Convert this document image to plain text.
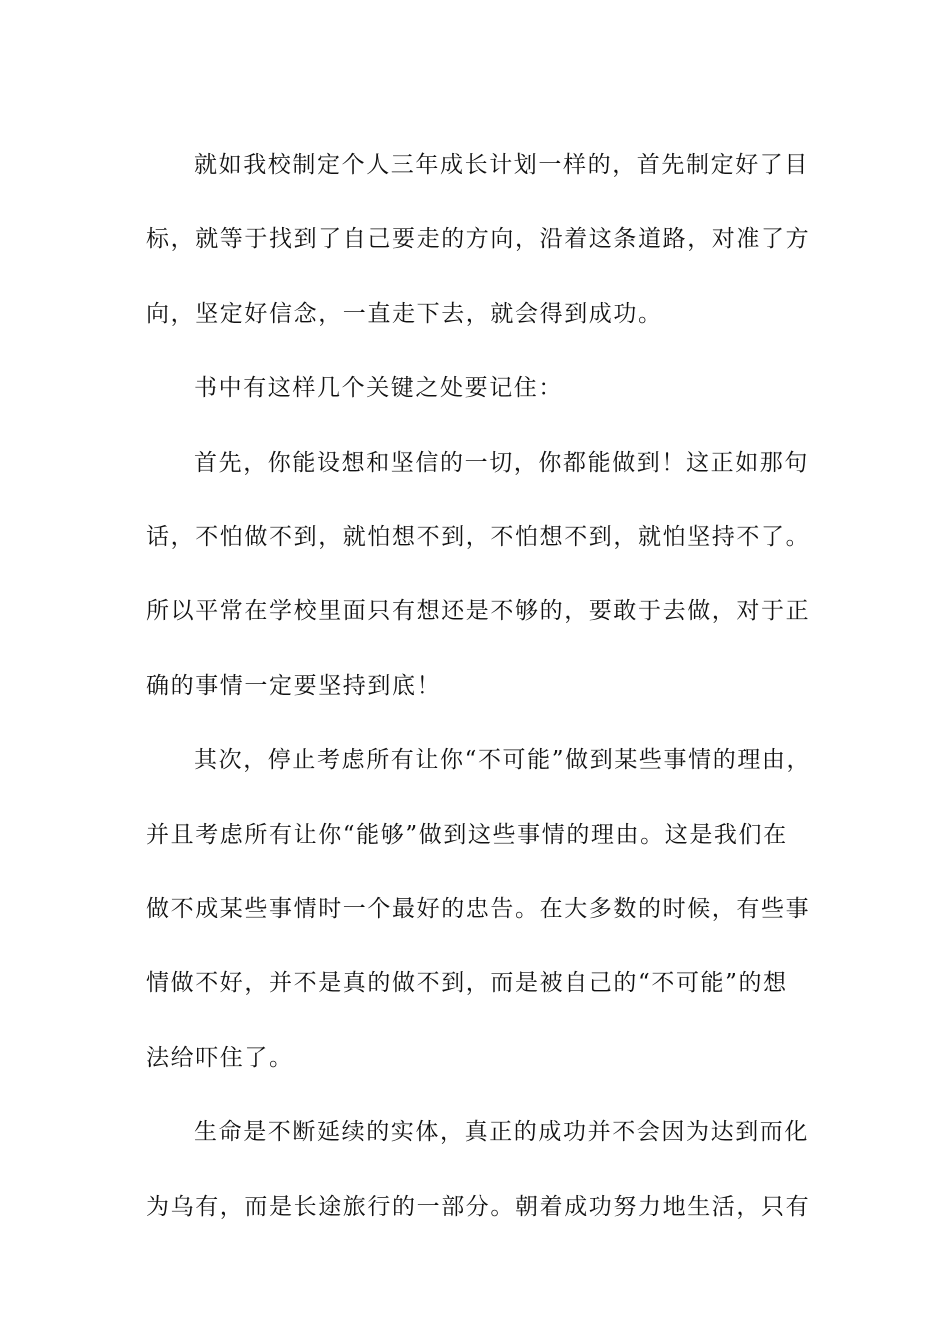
就如我校制定个人三年成长计划一样的，首先制定好了目
标，就等于找到了自己要走的方向，沿着这条道路，对准了方
向，坚定好信念，一直走下去，就会得到成功。

书中有这样几个关键之处要记住：

首先，你能设想和坚信的一切，你都能做到！这正如那句
话，不怕做不到，就怕想不到，不怕想不到，就怕坚持不了。
所以平常在学校里面只有想还是不够的，要敢于去做，对于正
确的事情一定要坚持到底！

其次，停止考虑所有让你“不可能”做到某些事情的理由，
并且考虑所有让你“能够”做到这些事情的理由。这是我们在
做不成某些事情时一个最好的忠告。在大多数的时候，有些事
情做不好，并不是真的做不到，而是被自己的“不可能”的想
法给吓住了。

生命是不断延续的实体，真正的成功并不会因为达到而化
为乌有，而是长途旅行的一部分。朝着成功努力地生活，只有
